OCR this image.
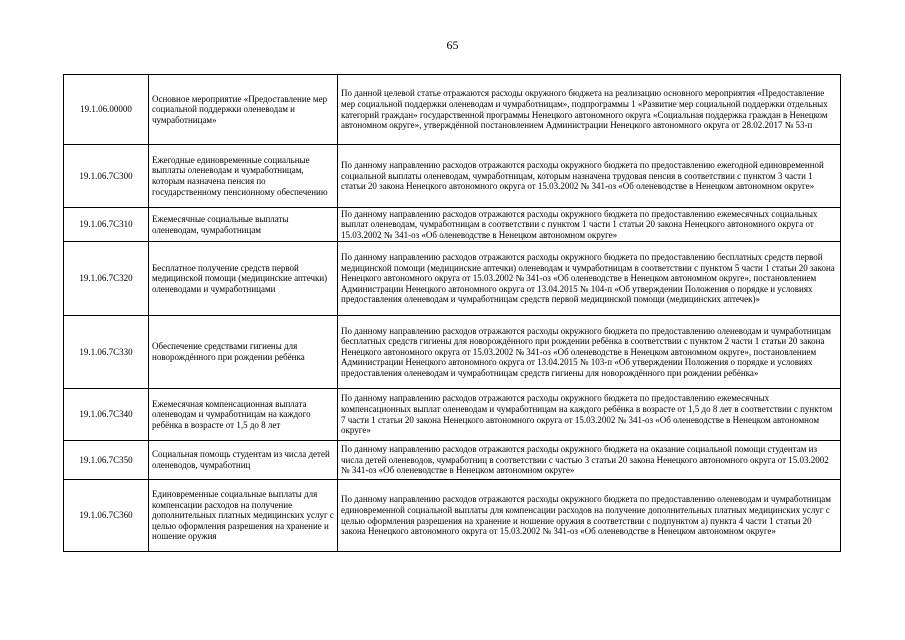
65
19.1.06.00000	Основное мероприятие «Предоставление мер социальной поддержки оленеводам и чумработницам»	По данной целевой статье отражаются расходы окружного бюджета на реализацию основного мероприятия «Предоставление мер социальной поддержки оленеводам и чумработницам», подпрограммы 1 «Развитие мер социальной поддержки отдельных категорий граждан» государственной программы Ненецкого автономного округа «Социальная поддержка граждан в Ненецком автономном округе», утверждённой постановлением Администрации Ненецкого автономного округа от 28.02.2017 № 53-п
19.1.06.7С300	Ежегодные единовременные социальные выплаты оленеводам и чумработницам, которым назначена пенсия по государственному пенсионному обеспечению	По данному направлению расходов отражаются расходы окружного бюджета по предоставлению ежегодной единовременной социальной выплаты оленеводам, чумработницам, которым назначена трудовая пенсия в соответствии с пунктом 3 части 1 статьи 20 закона Ненецкого автономного округа от 15.03.2002 № 341-оз «Об оленеводстве в Ненецком автономном округе»
19.1.06.7С310	Ежемесячные социальные выплаты оленеводам, чумработницам	По данному направлению расходов отражаются расходы окружного бюджета по предоставлению ежемесячных социальных выплат оленеводам, чумработницам в соответствии с пунктом 1 части 1 статьи 20 закона Ненецкого автономного округа от 15.03.2002 № 341-оз «Об оленеводстве в Ненецком автономном округе»
19.1.06.7С320	Бесплатное получение средств первой медицинской помощи (медицинские аптечки) оленеводами и чумработницами	По данному направлению расходов отражаются расходы окружного бюджета по предоставлению бесплатных средств первой медицинской помощи (медицинские аптечки) оленеводам и чумработницам в соответствии с пунктом 5 части 1 статьи 20 закона Ненецкого автономного округа от 15.03.2002 № 341-оз «Об оленеводстве в Ненецком автономном округе», постановлением Администрации Ненецкого автономного округа от 13.04.2015 № 104-п «Об утверждении Положения о порядке и условиях предоставления оленеводам и чумработницам средств первой медицинской помощи (медицинских аптечек)»
19.1.06.7С330	Обеспечение средствами гигиены для новорождённого при рождении ребёнка	По данному направлению расходов отражаются расходы окружного бюджета по предоставлению оленеводам и чумработницам бесплатных средств гигиены для новорождённого при рождении ребёнка в соответствии с пунктом 2 части 1 статьи 20 закона Ненецкого автономного округа от 15.03.2002 № 341-оз «Об оленеводстве в Ненецком автономном округе», постановлением Администрации Ненецкого автономного округа от 13.04.2015 № 103-п «Об утверждении Положения о порядке и условиях предоставления оленеводам и чумработницам средств гигиены для новорождённого при рождении ребёнка»
19.1.06.7С340	Ежемесячная компенсационная выплата оленеводам и чумработницам на каждого ребёнка в возрасте от 1,5 до 8 лет	По данному направлению расходов отражаются расходы окружного бюджета по предоставлению ежемесячных компенсационных выплат оленеводам и чумработницам на каждого ребёнка в возрасте от 1,5 до 8 лет в соответствии с пунктом 7 части 1 статьи 20 закона Ненецкого автономного округа от 15.03.2002 № 341-оз «Об оленеводстве в Ненецком автономном округе»
19.1.06.7С350	Социальная помощь студентам из числа детей оленеводов, чумработниц	По данному направлению расходов отражаются расходы окружного бюджета на оказание социальной помощи студентам из числа детей оленеводов, чумработниц в соответствии с частью 3 статьи 20 закона Ненецкого автономного округа от 15.03.2002 № 341-оз «Об оленеводстве в Ненецком автономном округе»
19.1.06.7С360	Единовременные социальные выплаты для компенсации расходов на получение дополнительных платных медицинских услуг с целью оформления разрешения на хранение и ношение оружия	По данному направлению расходов отражаются расходы окружного бюджета по предоставлению оленеводам и чумработницам единовременной социальной выплаты для компенсации расходов на получение дополнительных платных медицинских услуг с целью оформления разрешения на хранение и ношение оружия в соответствии с подпунктом а) пункта 4 части 1 статьи 20 закона Ненецкого автономного округа от 15.03.2002 № 341-оз «Об оленеводстве в Ненецком автономном округе»
